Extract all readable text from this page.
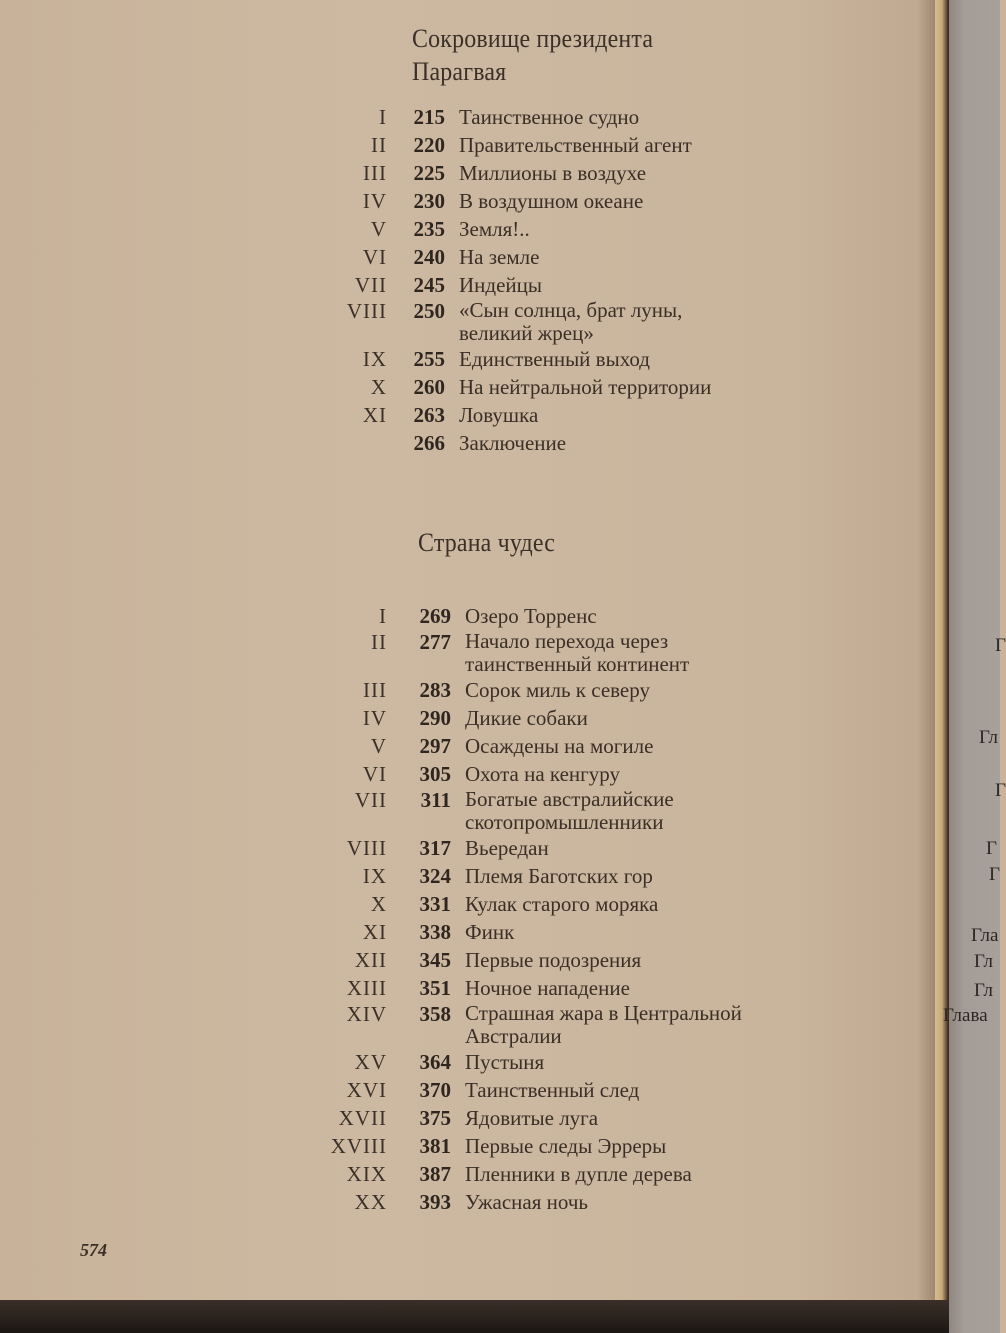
Сокровище президента
Парагвая
I	215 Таинственное судно
II	220 Правительственный агент
III	225 Миллионы в воздухе
IV	230 В воздушном океане
V	235 Земля!..
VI	240 На земле
VII	245 Индейцы
VIII	250 «Сын солнца, брат луны,
великий жрец»
IX	255 Единственный выход
X	260 На нейтральной территории
XI	263 Ловушка
266 Заключение
Страна чудес
I	269 Озеро Торренс
II	277 Начало перехода через
таинственный континент
III	283 Сорок миль к северу
IV	290 Дикие собаки
V	297 Осаждены на могиле
VI	305 Охота на кенгуру
VII	311 Богатые австралийские
скотопромышленники
VIII	317 Вьередан
IX	324 Племя Баготских гор
X	331 Кулак старого моряка
XI	338 Финк
XII	345 Первые подозрения
XIII	351 Ночное нападение
XIV	358 Страшная жара в Центральной
Австралии
XV	364 Пустыня
XVI	370 Таинственный след
XVII	375 Ядовитые луга
XVIII	381 Первые следы Эрреры
XIX	387 Пленники в дупле дерева
XX	393 Ужасная ночь
574
Г
Гл
Г
Г
Г
Гла
Гл
Гл
Глава
